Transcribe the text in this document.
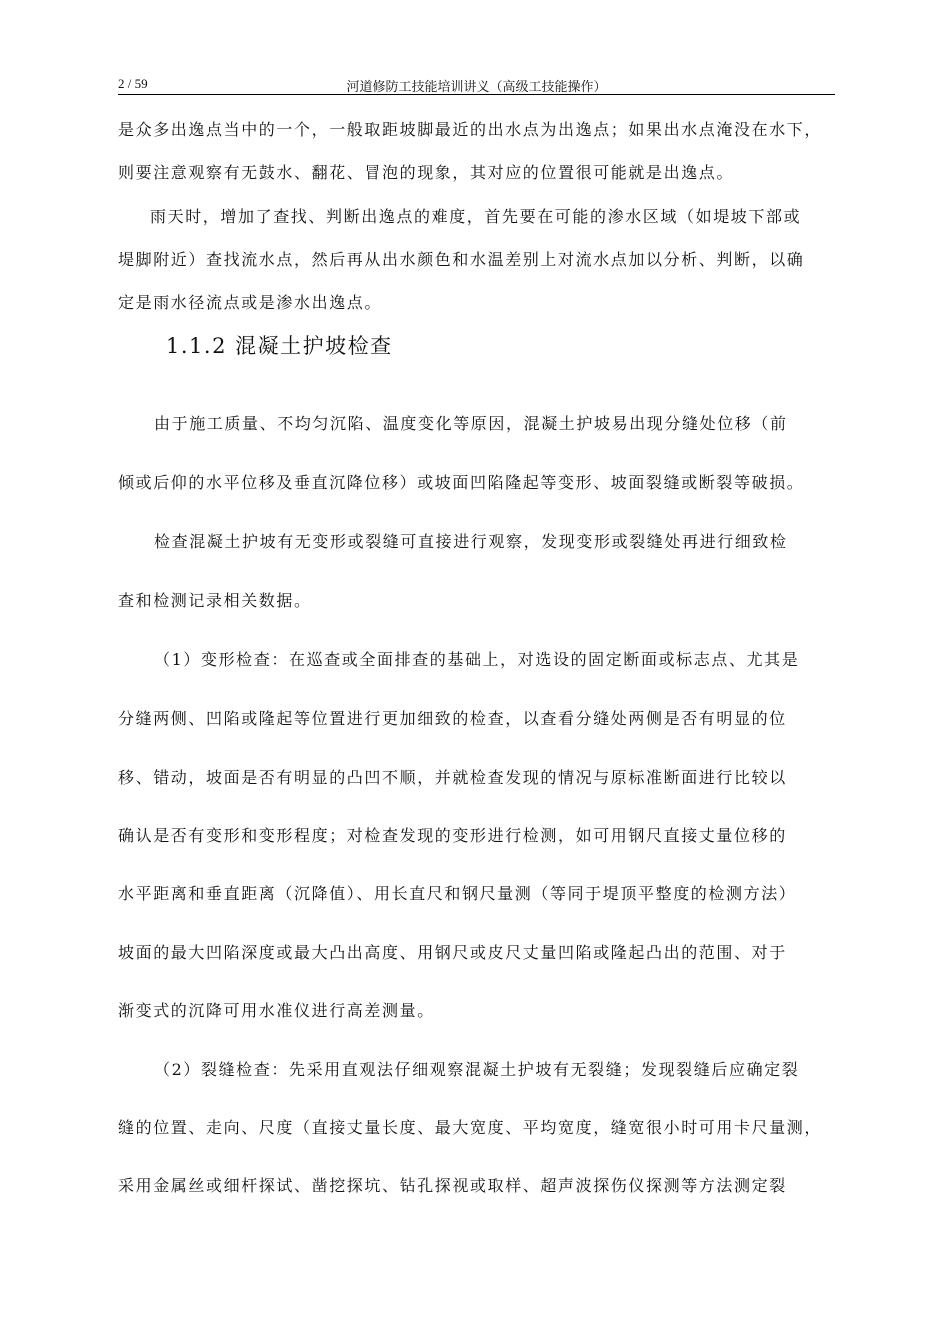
2 / 59	河道修防工技能培训讲义（高级工技能操作）

是众多出逸点当中的一个，一般取距坡脚最近的出水点为出逸点；如果出水点淹没在水下，

则要注意观察有无鼓水、翻花、冒泡的现象，其对应的位置很可能就是出逸点。

雨天时，增加了查找、判断出逸点的难度，首先要在可能的渗水区域（如堤坡下部或

堤脚附近）查找流水点，然后再从出水颜色和水温差别上对流水点加以分析、判断，以确

定是雨水径流点或是渗水出逸点。

1.1.2 混凝土护坡检查

由于施工质量、不均匀沉陷、温度变化等原因，混凝土护坡易出现分缝处位移（前

倾或后仰的水平位移及垂直沉降位移）或坡面凹陷隆起等变形、坡面裂缝或断裂等破损。

检查混凝土护坡有无变形或裂缝可直接进行观察，发现变形或裂缝处再进行细致检

查和检测记录相关数据。

（1）变形检查：在巡查或全面排查的基础上，对选设的固定断面或标志点、尤其是

分缝两侧、凹陷或隆起等位置进行更加细致的检查，以查看分缝处两侧是否有明显的位

移、错动，坡面是否有明显的凸凹不顺，并就检查发现的情况与原标准断面进行比较以

确认是否有变形和变形程度；对检查发现的变形进行检测，如可用钢尺直接丈量位移的

水平距离和垂直距离（沉降值）、用长直尺和钢尺量测（等同于堤顶平整度的检测方法）

坡面的最大凹陷深度或最大凸出高度、用钢尺或皮尺丈量凹陷或隆起凸出的范围、对于

渐变式的沉降可用水准仪进行高差测量。

（2）裂缝检查：先采用直观法仔细观察混凝土护坡有无裂缝；发现裂缝后应确定裂

缝的位置、走向、尺度（直接丈量长度、最大宽度、平均宽度，缝宽很小时可用卡尺量测，

采用金属丝或细杆探试、凿挖探坑、钻孔探视或取样、超声波探伤仪探测等方法测定裂
